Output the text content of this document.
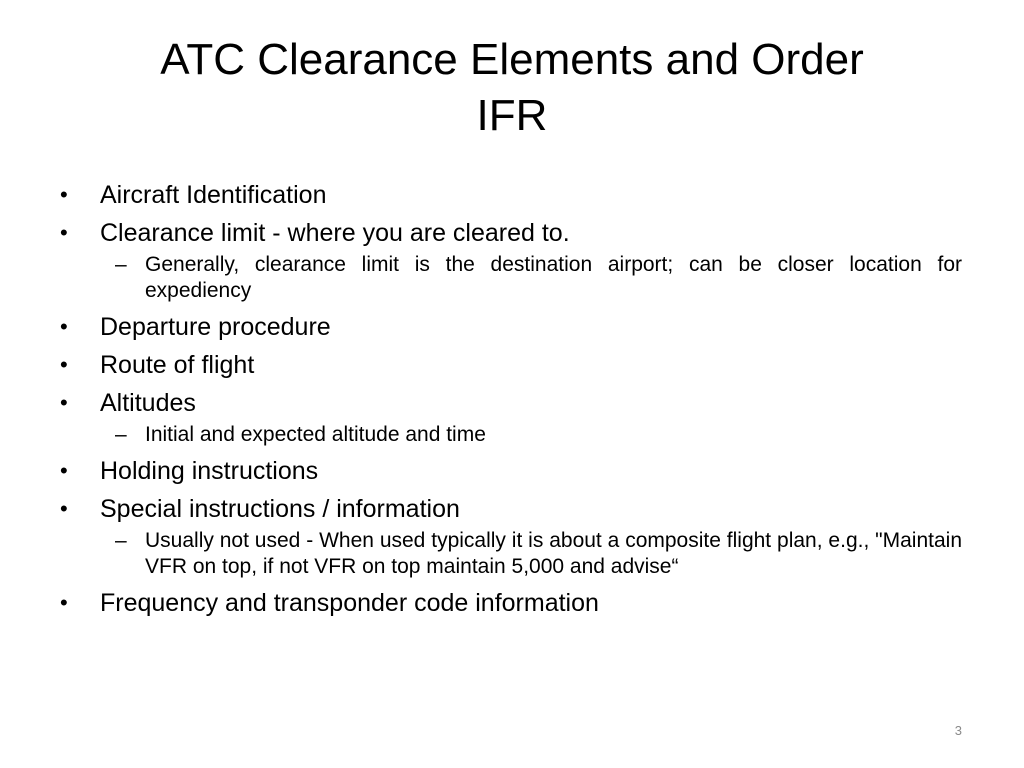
ATC Clearance Elements and Order
IFR
• Aircraft Identification
• Clearance limit - where you are cleared to.
– Generally, clearance limit is the destination airport; can be closer location for expediency
• Departure procedure
• Route of flight
• Altitudes
– Initial and expected altitude and time
• Holding instructions
• Special instructions / information
– Usually not used - When used typically it is about a composite flight plan, e.g., "Maintain VFR on top, if not VFR on top maintain 5,000 and advise“
• Frequency and transponder code information
3
